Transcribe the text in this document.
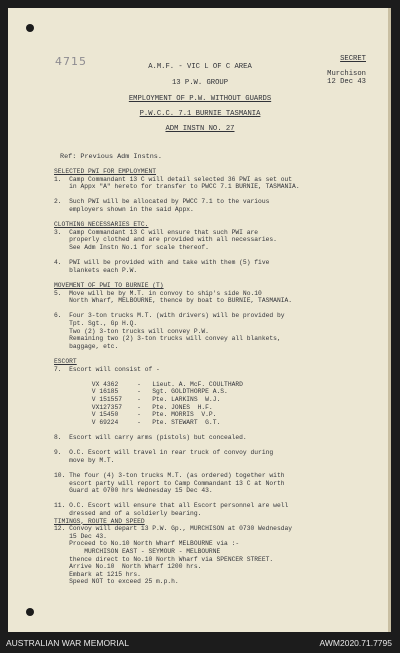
4715	A.M.F. - VIC L OF C AREA
13 P.W. GROUP
EMPLOYMENT OF P.W. WITHOUT GUARDS
P.W.C.C. 7.1 BURNIE TASMANIA
ADM INSTN NO. 27
SECRET
Murchison
12 Dec 43
Ref: Previous Adm Instns.
SELECTED PWI FOR EMPLOYMENT
1.  Camp Commandant 13 C will detail selected 36 PWI as set out
in Appx "A" hereto for transfer to PWCC 7.1 BURNIE, TASMANIA.
2.  Such PWI will be allocated by PWCC 7.1 to the various
employers shown in the said Appx.
CLOTHING NECESSARIES ETC.
3.  Camp Commandant 13 C will ensure that such PWI are
properly clothed and are provided with all necessaries.
See Adm Instn No.1 for scale thereof.
4.  PWI will be provided with and take with them (5) five
blankets each P.W.
MOVEMENT OF PWI TO BURNIE (T)
5.  Move will be by M.T. in convoy to ship's side No.10
North Wharf, MELBOURNE, thence by boat to BURNIE, TASMANIA.
6.  Four 3-ton trucks M.T. (with drivers) will be provided by
Tpt. Sgt., Gp H.Q.
Two (2) 3-ton trucks will convey P.W.
Remaining two (2) 3-ton trucks will convey all blankets,
baggage, etc.
ESCORT
7.  Escort will consist of -
VX 4362     -   Lieut. A. McF. COULTHARD
V 16185     -   Sgt. GOLDTHORPE A.S.
V 151557    -   Pte. LARKINS  W.J.
VX127357    -   Pte. JONES  H.F.
V 15450     -   Pte. MORRIS  V.P.
V 69224     -   Pte. STEWART  G.T.
8.  Escort will carry arms (pistols) but concealed.
9.  O.C. Escort will travel in rear truck of convoy during
move by M.T.
10. The four (4) 3-ton trucks M.T. (as ordered) together with
escort party will report to Camp Commandant 13 C at North
Guard at 0700 hrs Wednesday 15 Dec 43.
11. O.C. Escort will ensure that all Escort personnel are well
dressed and of a soldierly bearing.
TIMINGS, ROUTE AND SPEED
12. Convoy will depart 13 P.W. Gp., MURCHISON at 0730 Wednesday
15 Dec 43.
Proceed to No.10 North Wharf MELBOURNE via :-
MURCHISON EAST - SEYMOUR - MELBOURNE
thence direct to No.10 North Wharf via SPENCER STREET.
Arrive No.10  North Wharf 1200 hrs.
Embark at 1215 hrs.
Speed NOT to exceed 25 m.p.h.
AUSTRALIAN WAR MEMORIAL	AWM2020.71.7795
